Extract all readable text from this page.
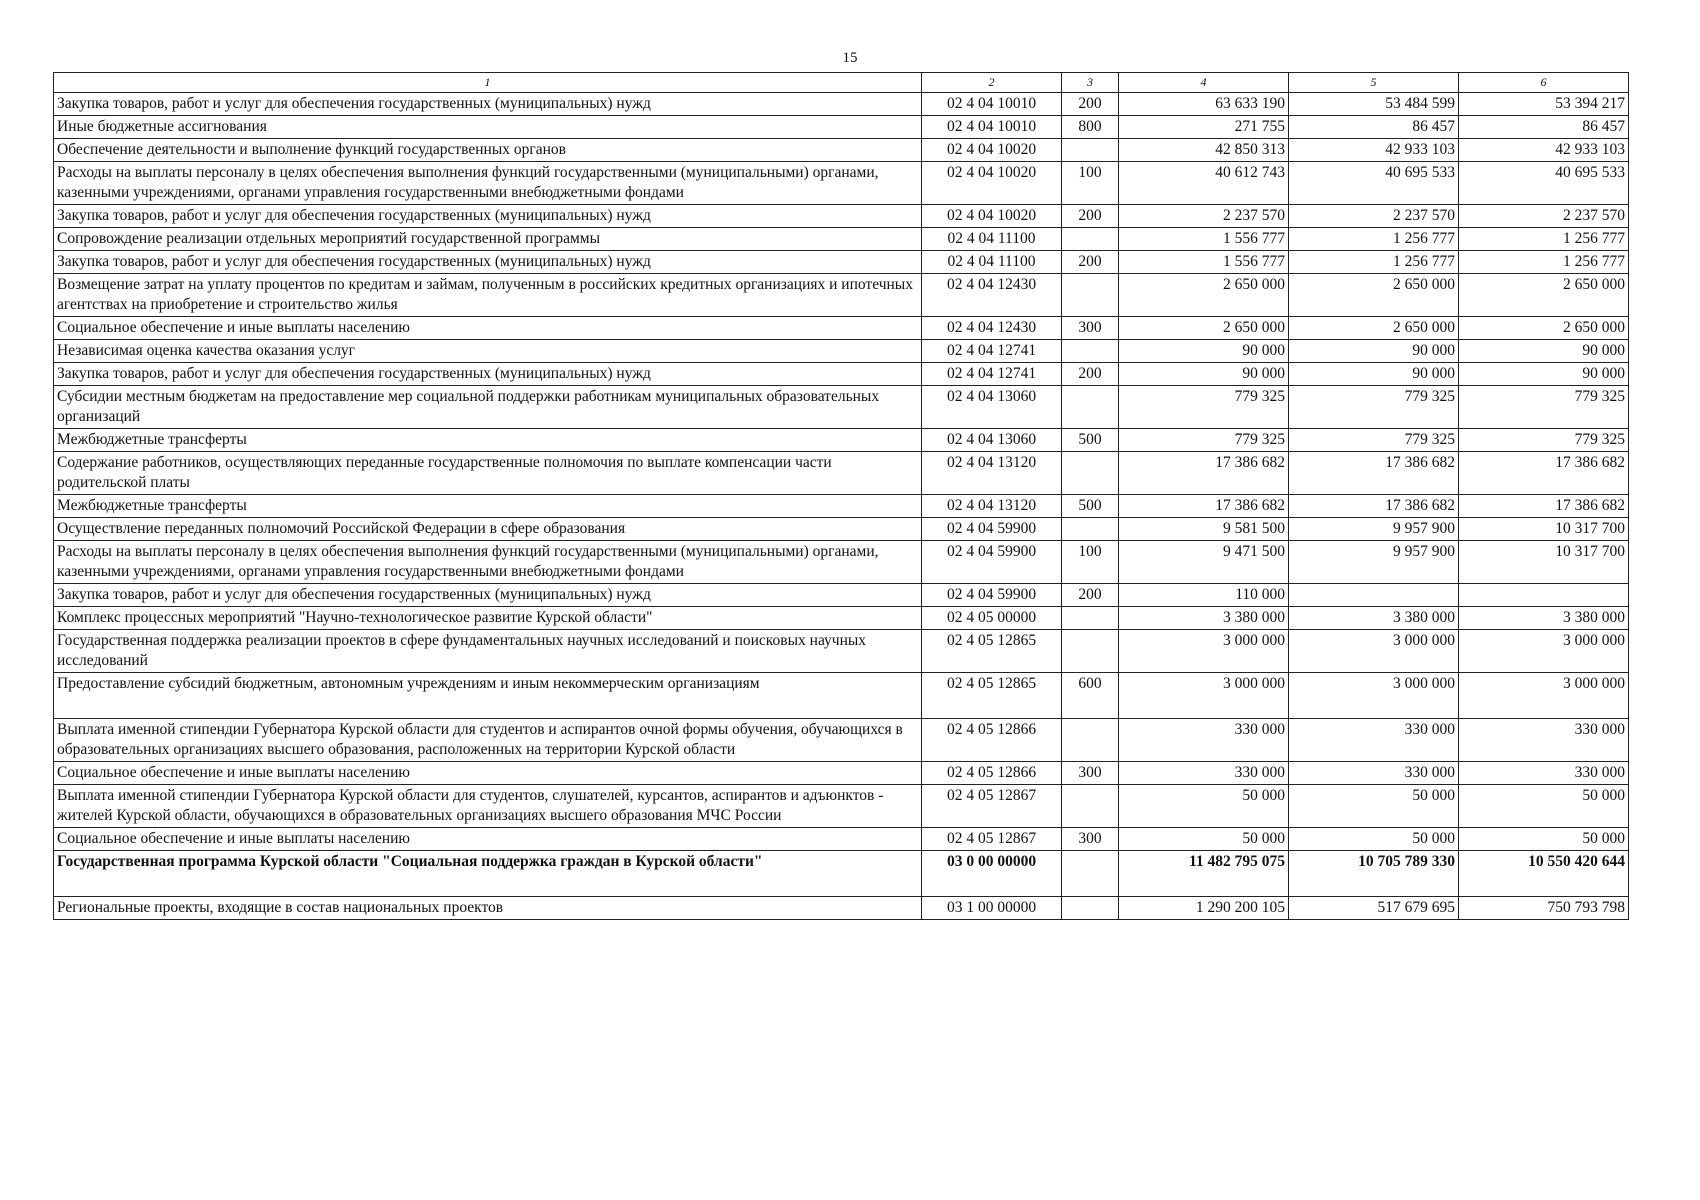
15
1	2	3	4	5	6
Закупка товаров, работ и услуг для обеспечения государственных (муниципальных) нужд	02 4 04 10010	200	63 633 190	53 484 599	53 394 217
Иные бюджетные ассигнования	02 4 04 10010	800	271 755	86 457	86 457
Обеспечение деятельности и выполнение функций государственных органов	02 4 04 10020		42 850 313	42 933 103	42 933 103
Расходы на выплаты персоналу в целях обеспечения выполнения функций государственными (муниципальными) органами, казенными учреждениями, органами управления государственными внебюджетными фондами	02 4 04 10020	100	40 612 743	40 695 533	40 695 533
Закупка товаров, работ и услуг для обеспечения государственных (муниципальных) нужд	02 4 04 10020	200	2 237 570	2 237 570	2 237 570
Сопровождение реализации отдельных мероприятий государственной программы	02 4 04 11100		1 556 777	1 256 777	1 256 777
Закупка товаров, работ и услуг для обеспечения государственных (муниципальных) нужд	02 4 04 11100	200	1 556 777	1 256 777	1 256 777
Возмещение затрат на уплату процентов по кредитам и займам, полученным в российских кредитных организациях и ипотечных агентствах на приобретение и строительство жилья	02 4 04 12430		2 650 000	2 650 000	2 650 000
Социальное обеспечение и иные выплаты населению	02 4 04 12430	300	2 650 000	2 650 000	2 650 000
Независимая оценка качества оказания услуг	02 4 04 12741		90 000	90 000	90 000
Закупка товаров, работ и услуг для обеспечения государственных (муниципальных) нужд	02 4 04 12741	200	90 000	90 000	90 000
Субсидии местным бюджетам на предоставление мер социальной поддержки работникам муниципальных образовательных организаций	02 4 04 13060		779 325	779 325	779 325
Межбюджетные трансферты	02 4 04 13060	500	779 325	779 325	779 325
Содержание работников, осуществляющих переданные государственные полномочия по выплате компенсации части родительской платы	02 4 04 13120		17 386 682	17 386 682	17 386 682
Межбюджетные трансферты	02 4 04 13120	500	17 386 682	17 386 682	17 386 682
Осуществление переданных полномочий Российской Федерации в сфере образования	02 4 04 59900		9 581 500	9 957 900	10 317 700
Расходы на выплаты персоналу в целях обеспечения выполнения функций государственными (муниципальными) органами, казенными учреждениями, органами управления государственными внебюджетными фондами	02 4 04 59900	100	9 471 500	9 957 900	10 317 700
Закупка товаров, работ и услуг для обеспечения государственных (муниципальных) нужд	02 4 04 59900	200	110 000		
Комплекс процессных мероприятий "Научно-технологическое развитие Курской области"	02 4 05 00000		3 380 000	3 380 000	3 380 000
Государственная поддержка реализации проектов в сфере фундаментальных научных исследований и поисковых научных исследований	02 4 05 12865		3 000 000	3 000 000	3 000 000
Предоставление субсидий бюджетным, автономным учреждениям и иным некоммерческим организациям	02 4 05 12865	600	3 000 000	3 000 000	3 000 000
Выплата именной стипендии Губернатора Курской области для студентов и аспирантов очной формы обучения, обучающихся в образовательных организациях высшего образования, расположенных на территории Курской области	02 4 05 12866		330 000	330 000	330 000
Социальное обеспечение и иные выплаты населению	02 4 05 12866	300	330 000	330 000	330 000
Выплата именной стипендии Губернатора Курской области для студентов, слушателей, курсантов, аспирантов и адъюнктов - жителей Курской области, обучающихся в образовательных организациях высшего образования МЧС России	02 4 05 12867		50 000	50 000	50 000
Социальное обеспечение и иные выплаты населению	02 4 05 12867	300	50 000	50 000	50 000
Государственная программа Курской области "Социальная поддержка граждан в Курской области"	03 0 00 00000		11 482 795 075	10 705 789 330	10 550 420 644
Региональные проекты, входящие в состав национальных проектов	03 1 00 00000		1 290 200 105	517 679 695	750 793 798
